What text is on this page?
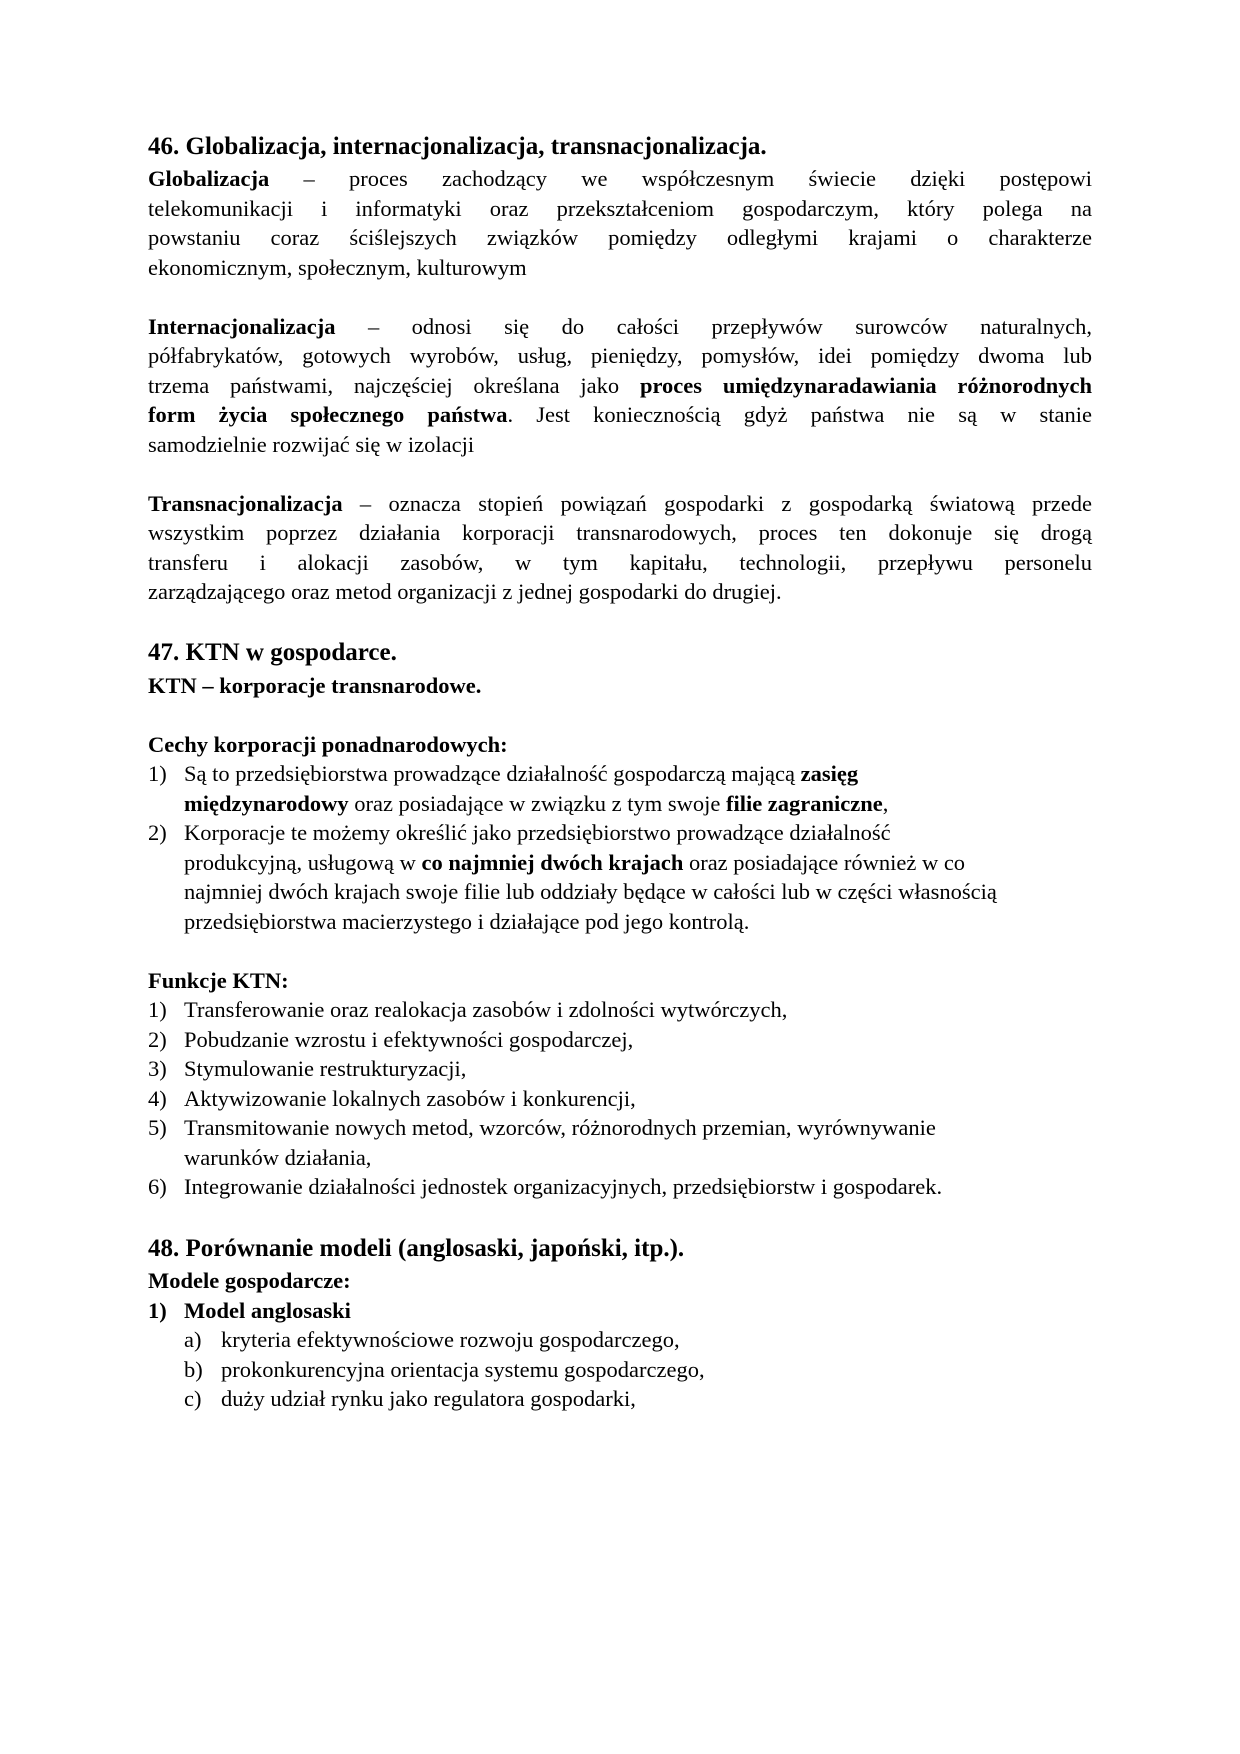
46. Globalizacja, internacjonalizacja, transnacjonalizacja.
Globalizacja – proces zachodzący we współczesnym świecie dzięki postępowi
telekomunikacji i informatyki oraz przekształceniom gospodarczym, który polega na
powstaniu coraz ściślejszych związków pomiędzy odległymi krajami o charakterze
ekonomicznym, społecznym, kulturowym
Internacjonalizacja – odnosi się do całości przepływów surowców naturalnych,
półfabrykatów, gotowych wyrobów, usług, pieniędzy, pomysłów, idei pomiędzy dwoma lub
trzema państwami, najczęściej określana jako proces umiędzynaradawiania różnorodnych
form życia społecznego państwa. Jest koniecznością gdyż państwa nie są w stanie
samodzielnie rozwijać się w izolacji
Transnacjonalizacja – oznacza stopień powiązań gospodarki z gospodarką światową przede
wszystkim poprzez działania korporacji transnarodowych, proces ten dokonuje się drogą
transferu i alokacji zasobów, w tym kapitału, technologii, przepływu personelu
zarządzającego oraz metod organizacji z jednej gospodarki do drugiej.
47. KTN w gospodarce.
KTN – korporacje transnarodowe.
Cechy korporacji ponadnarodowych:
1) Są to przedsiębiorstwa prowadzące działalność gospodarczą mającą zasięg
międzynarodowy oraz posiadające w związku z tym swoje filie zagraniczne,
2) Korporacje te możemy określić jako przedsiębiorstwo prowadzące działalność
produkcyjną, usługową w co najmniej dwóch krajach oraz posiadające również w co
najmniej dwóch krajach swoje filie lub oddziały będące w całości lub w części własnością
przedsiębiorstwa macierzystego i działające pod jego kontrolą.
Funkcje KTN:
1) Transferowanie oraz realokacja zasobów i zdolności wytwórczych,
2) Pobudzanie wzrostu i efektywności gospodarczej,
3) Stymulowanie restrukturyzacji,
4) Aktywizowanie lokalnych zasobów i konkurencji,
5) Transmitowanie nowych metod, wzorców, różnorodnych przemian, wyrównywanie
warunków działania,
6) Integrowanie działalności jednostek organizacyjnych, przedsiębiorstw i gospodarek.
48. Porównanie modeli (anglosaski, japoński, itp.).
Modele gospodarcze:
1) Model anglosaski
a) kryteria efektywnościowe rozwoju gospodarczego,
b) prokonkurencyjna orientacja systemu gospodarczego,
c) duży udział rynku jako regulatora gospodarki,
